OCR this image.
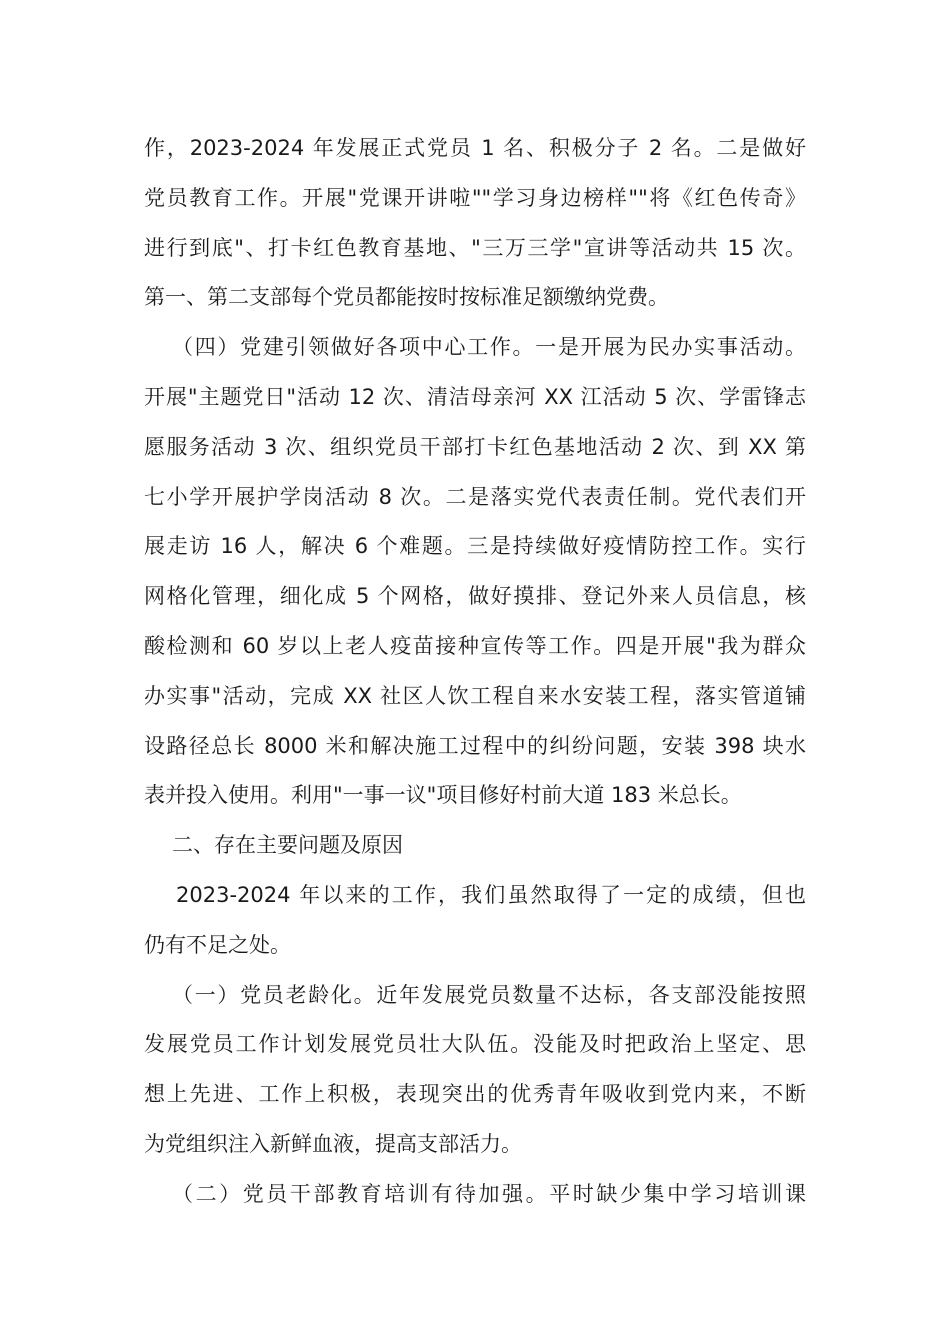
作，2023-2024 年发展正式党员 1 名、积极分子 2 名。二是做好
党员教育工作。开展"党课开讲啦""学习身边榜样""将《红色传奇》
进行到底"、打卡红色教育基地、"三万三学"宣讲等活动共 15 次。
第一、第二支部每个党员都能按时按标准足额缴纳党费。
（四）党建引领做好各项中心工作。一是开展为民办实事活动。
开展"主题党日"活动 12 次、清洁母亲河 XX 江活动 5 次、学雷锋志
愿服务活动 3 次、组织党员干部打卡红色基地活动 2 次、到 XX 第
七小学开展护学岗活动 8 次。二是落实党代表责任制。党代表们开
展走访 16 人，解决 6 个难题。三是持续做好疫情防控工作。实行
网格化管理，细化成 5 个网格，做好摸排、登记外来人员信息，核
酸检测和 60 岁以上老人疫苗接种宣传等工作。四是开展"我为群众
办实事"活动，完成 XX 社区人饮工程自来水安装工程，落实管道铺
设路径总长 8000 米和解决施工过程中的纠纷问题，安装 398 块水
表并投入使用。利用"一事一议"项目修好村前大道 183 米总长。
二、存在主要问题及原因
2023-2024 年以来的工作，我们虽然取得了一定的成绩，但也
仍有不足之处。
（一）党员老龄化。近年发展党员数量不达标，各支部没能按照
发展党员工作计划发展党员壮大队伍。没能及时把政治上坚定、思
想上先进、工作上积极，表现突出的优秀青年吸收到党内来，不断
为党组织注入新鲜血液，提高支部活力。
（二）党员干部教育培训有待加强。平时缺少集中学习培训课
